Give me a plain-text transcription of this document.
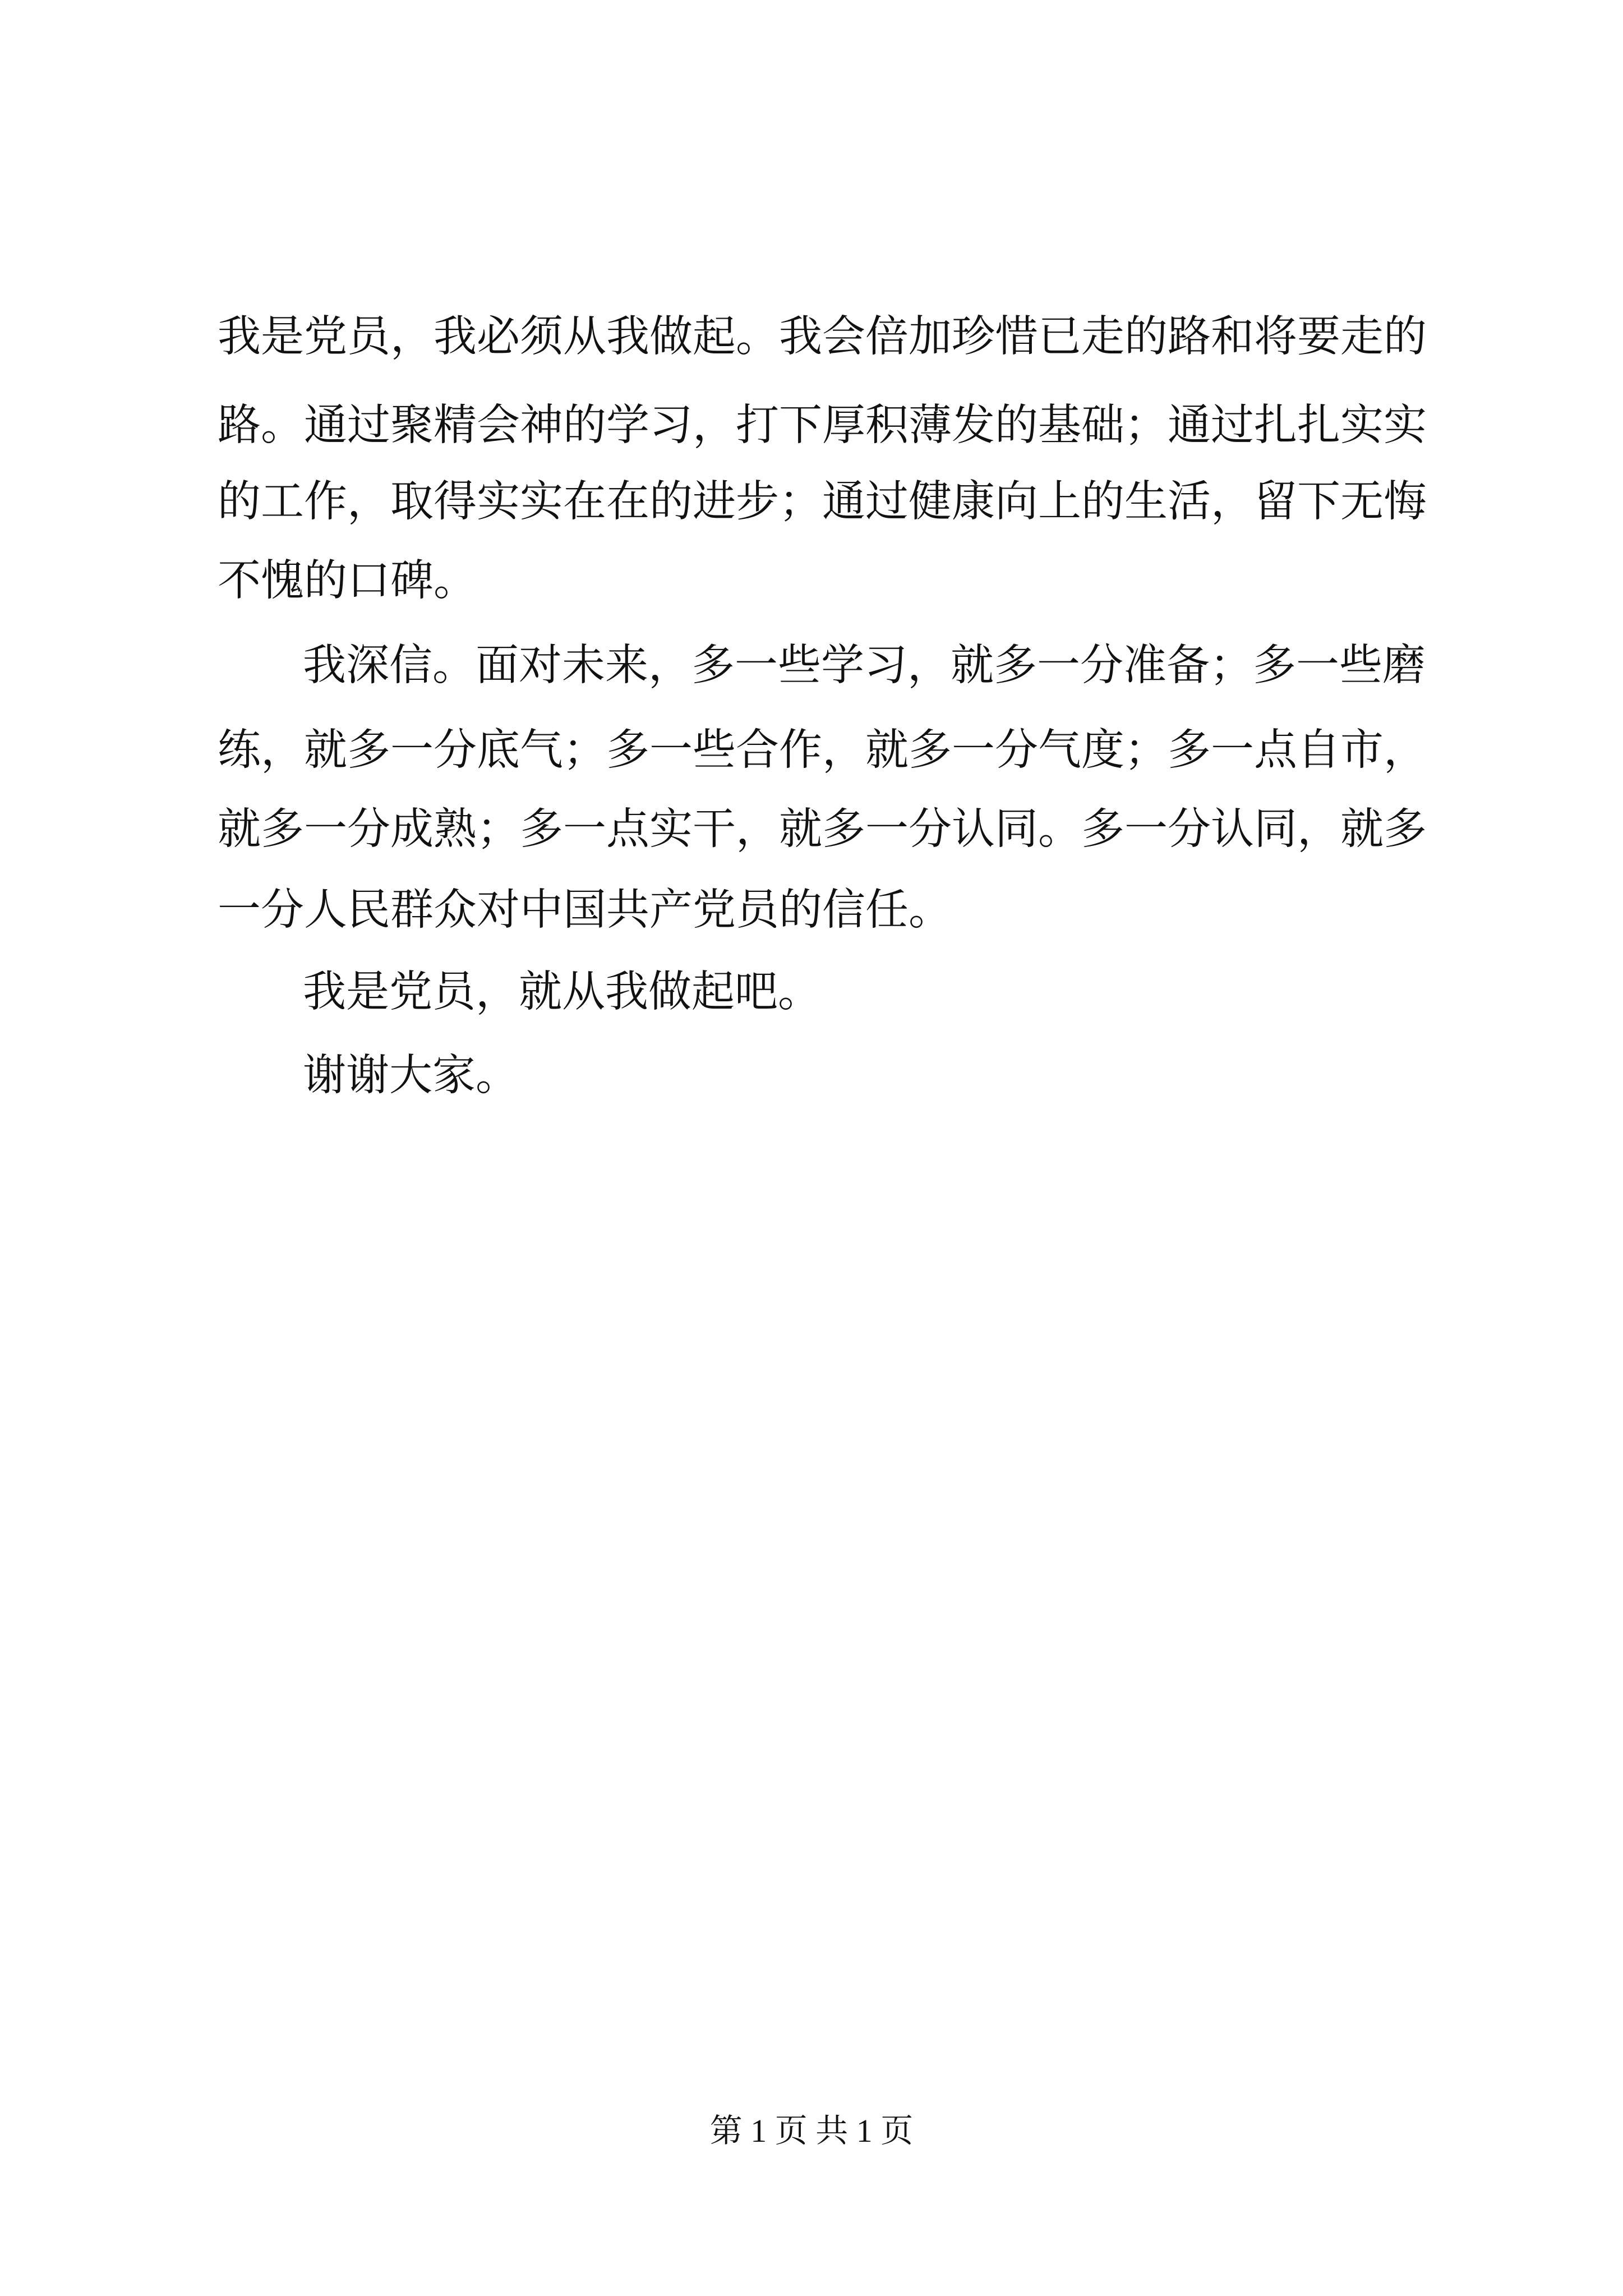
我是党员，我必须从我做起。我会倍加珍惜已走的路和将要走的
路。通过聚精会神的学习，打下厚积薄发的基础；通过扎扎实实
的工作，取得实实在在的进步；通过健康向上的生活，留下无悔
不愧的口碑。
我深信。面对未来，多一些学习，就多一分准备；多一些磨
练，就多一分底气；多一些合作，就多一分气度；多一点自市，
就多一分成熟；多一点实干，就多一分认同。多一分认同，就多
一分人民群众对中国共产党员的信任。
我是党员，就从我做起吧。
谢谢大家。
第 1 页 共 1 页
